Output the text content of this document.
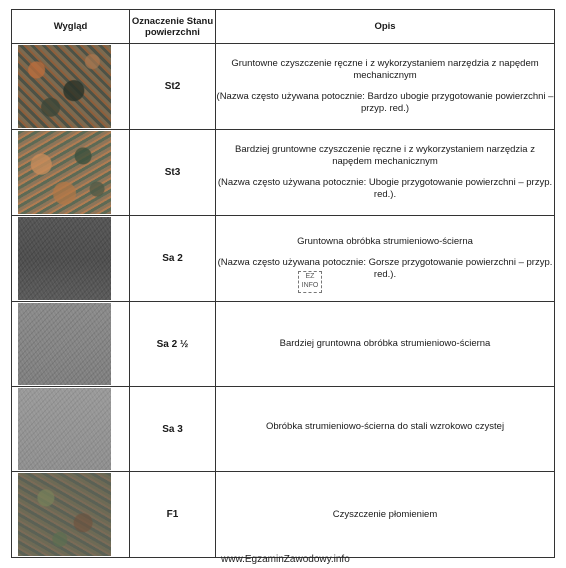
Wygląd	Oznaczenie Stanu powierzchni	Opis

	St2	Gruntowne czyszczenie ręczne i z wykorzystaniem narzędzia z napędem mechanicznym

(Nazwa często używana potocznie: Bardzo ubogie przygotowanie powierzchni – przyp. red.)

	St3	Bardziej gruntowne czyszczenie ręczne i z wykorzystaniem narzędzia z napędem mechanicznym

(Nazwa często używana potocznie: Ubogie przygotowanie powierzchni – przyp. red.).

	Sa 2	Gruntowna obróbka strumieniowo-ścierna

(Nazwa często używana potocznie: Gorsze przygotowanie powierzchni – przyp. red.).

	Sa 2 ½	Bardziej gruntowna obróbka strumieniowo-ścierna

	Sa 3	Obróbka strumieniowo-ścierna do stali wzrokowo czystej

	F1	Czyszczenie płomieniem

EZ
INFO
www.EgzaminZawodowy.info
